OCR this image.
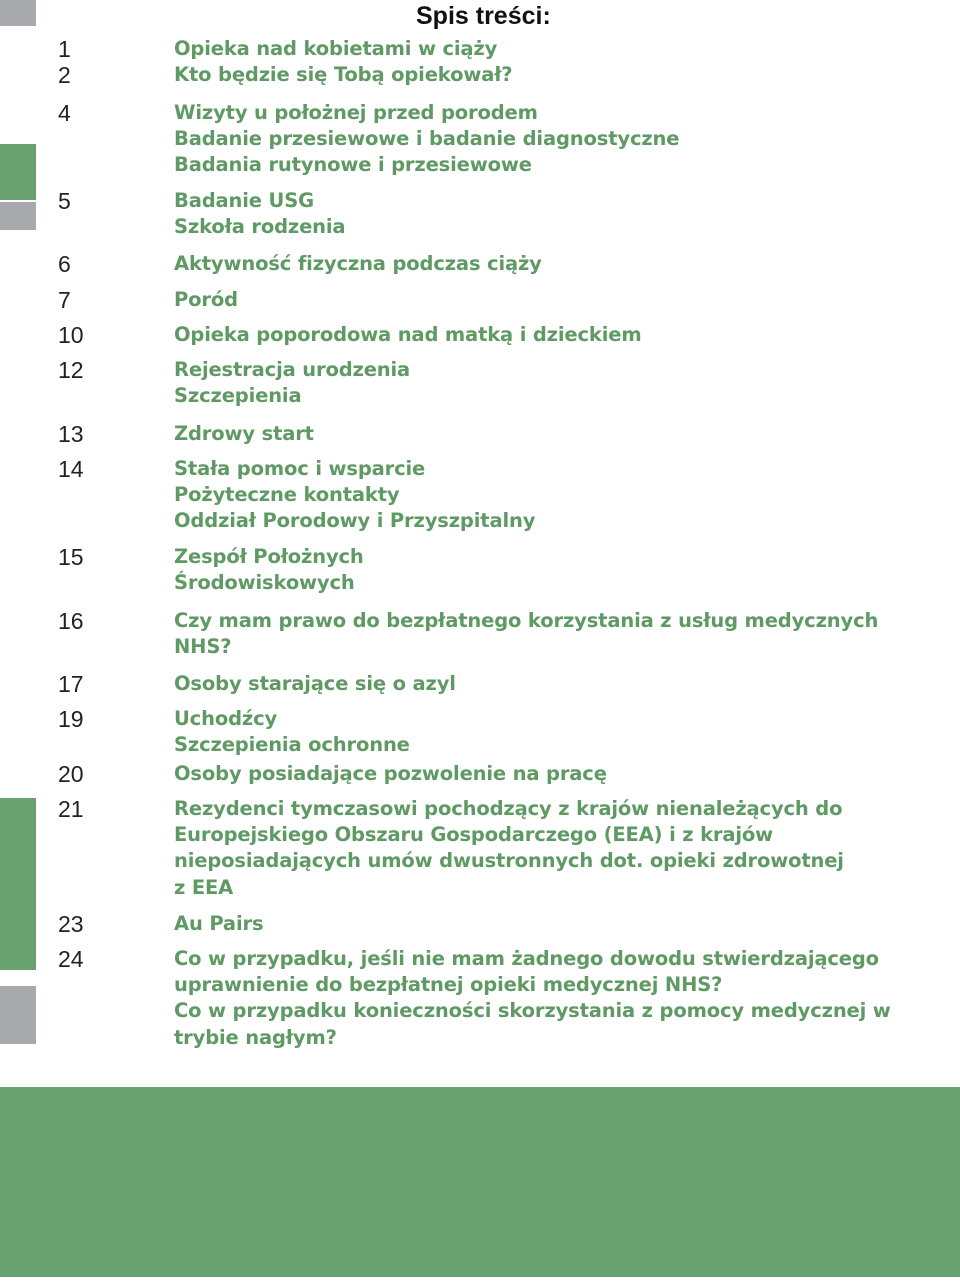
Spis treści:
1	Opieka nad kobietami w ciąży
2	Kto będzie się Tobą opiekował?
4	Wizyty u położnej przed porodem
Badanie przesiewowe i badanie diagnostyczne
Badania rutynowe i przesiewowe
5	Badanie USG
Szkoła rodzenia
6	Aktywność fizyczna podczas ciąży
7	Poród
10	Opieka poporodowa nad matką i dzieckiem
12	Rejestracja urodzenia
Szczepienia
13	Zdrowy start
14	Stała pomoc i wsparcie
Pożyteczne kontakty
Oddział Porodowy i Przyszpitalny
15	Zespół Położnych
Środowiskowych
16	Czy mam prawo do bezpłatnego korzystania z usług medycznych
NHS?
17	Osoby starające się o azyl
19	Uchodźcy
Szczepienia ochronne
20	Osoby posiadające pozwolenie na pracę
21	Rezydenci tymczasowi pochodzący z krajów nienależących do
Europejskiego Obszaru Gospodarczego (EEA) i z krajów
nieposiadających umów dwustronnych dot. opieki zdrowotnej
z EEA
23	Au Pairs
24	Co w przypadku, jeśli nie mam żadnego dowodu stwierdzającego
uprawnienie do bezpłatnej opieki medycznej NHS?
Co w przypadku konieczności skorzystania z pomocy medycznej w
trybie nagłym?
